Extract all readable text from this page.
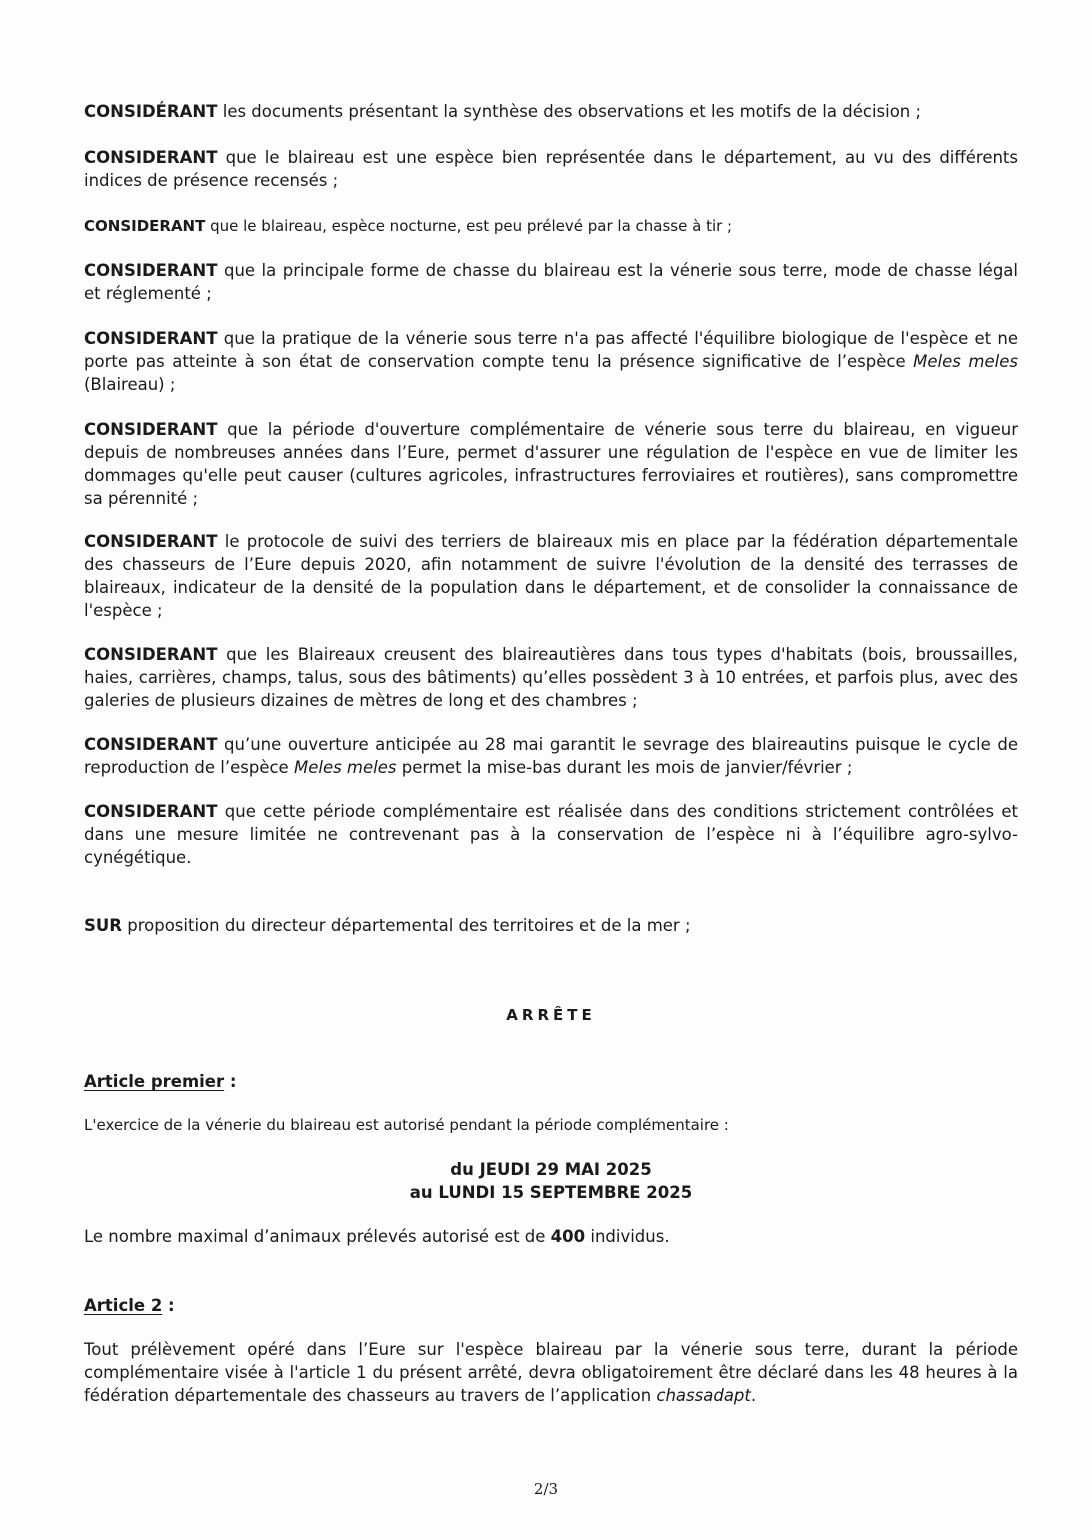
CONSIDÉRANT les documents présentant la synthèse des observations et les motifs de la décision ;

CONSIDERANT que le blaireau est une espèce bien représentée dans le département, au vu des différents indices de présence recensés ;

CONSIDERANT que le blaireau, espèce nocturne, est peu prélevé par la chasse à tir ;

CONSIDERANT que la principale forme de chasse du blaireau est la vénerie sous terre, mode de chasse légal et réglementé ;

CONSIDERANT que la pratique de la vénerie sous terre n'a pas affecté l'équilibre biologique de l'espèce et ne porte pas atteinte à son état de conservation compte tenu la présence significative de l’espèce Meles meles (Blaireau) ;

CONSIDERANT que la période d'ouverture complémentaire de vénerie sous terre du blaireau, en vigueur depuis de nombreuses années dans l’Eure, permet d'assurer une régulation de l'espèce en vue de limiter les dommages qu'elle peut causer (cultures agricoles, infrastructures ferroviaires et routières), sans compromettre sa pérennité ;

CONSIDERANT le protocole de suivi des terriers de blaireaux mis en place par la fédération départementale des chasseurs de l’Eure depuis 2020, afin notamment de suivre l'évolution de la densité des terrasses de blaireaux, indicateur de la densité de la population dans le département, et de consolider la connaissance de l'espèce ;

CONSIDERANT que les Blaireaux creusent des blaireautières dans tous types d'habitats (bois, broussailles, haies, carrières, champs, talus, sous des bâtiments) qu’elles possèdent 3 à 10 entrées, et parfois plus, avec des galeries de plusieurs dizaines de mètres de long et des chambres ;

CONSIDERANT qu’une ouverture anticipée au 28 mai garantit le sevrage des blaireautins puisque le cycle de reproduction de l’espèce Meles meles permet la mise-bas durant les mois de janvier/février ;

CONSIDERANT que cette période complémentaire est réalisée dans des conditions strictement contrôlées et dans une mesure limitée ne contrevenant pas à la conservation de l’espèce ni à l’équilibre agro-sylvo-cynégétique.

SUR proposition du directeur départemental des territoires et de la mer ;

ARRÊTE

Article premier :

L'exercice de la vénerie du blaireau est autorisé pendant la période complémentaire :

du JEUDI 29 MAI 2025

au LUNDI 15 SEPTEMBRE 2025

Le nombre maximal d’animaux prélevés autorisé est de 400 individus.

Article 2 :

Tout prélèvement opéré dans l’Eure sur l'espèce blaireau par la vénerie sous terre, durant la période complémentaire visée à l'article 1 du présent arrêté, devra obligatoirement être déclaré dans les 48 heures à la fédération départementale des chasseurs au travers de l’application chassadapt.

2/3
